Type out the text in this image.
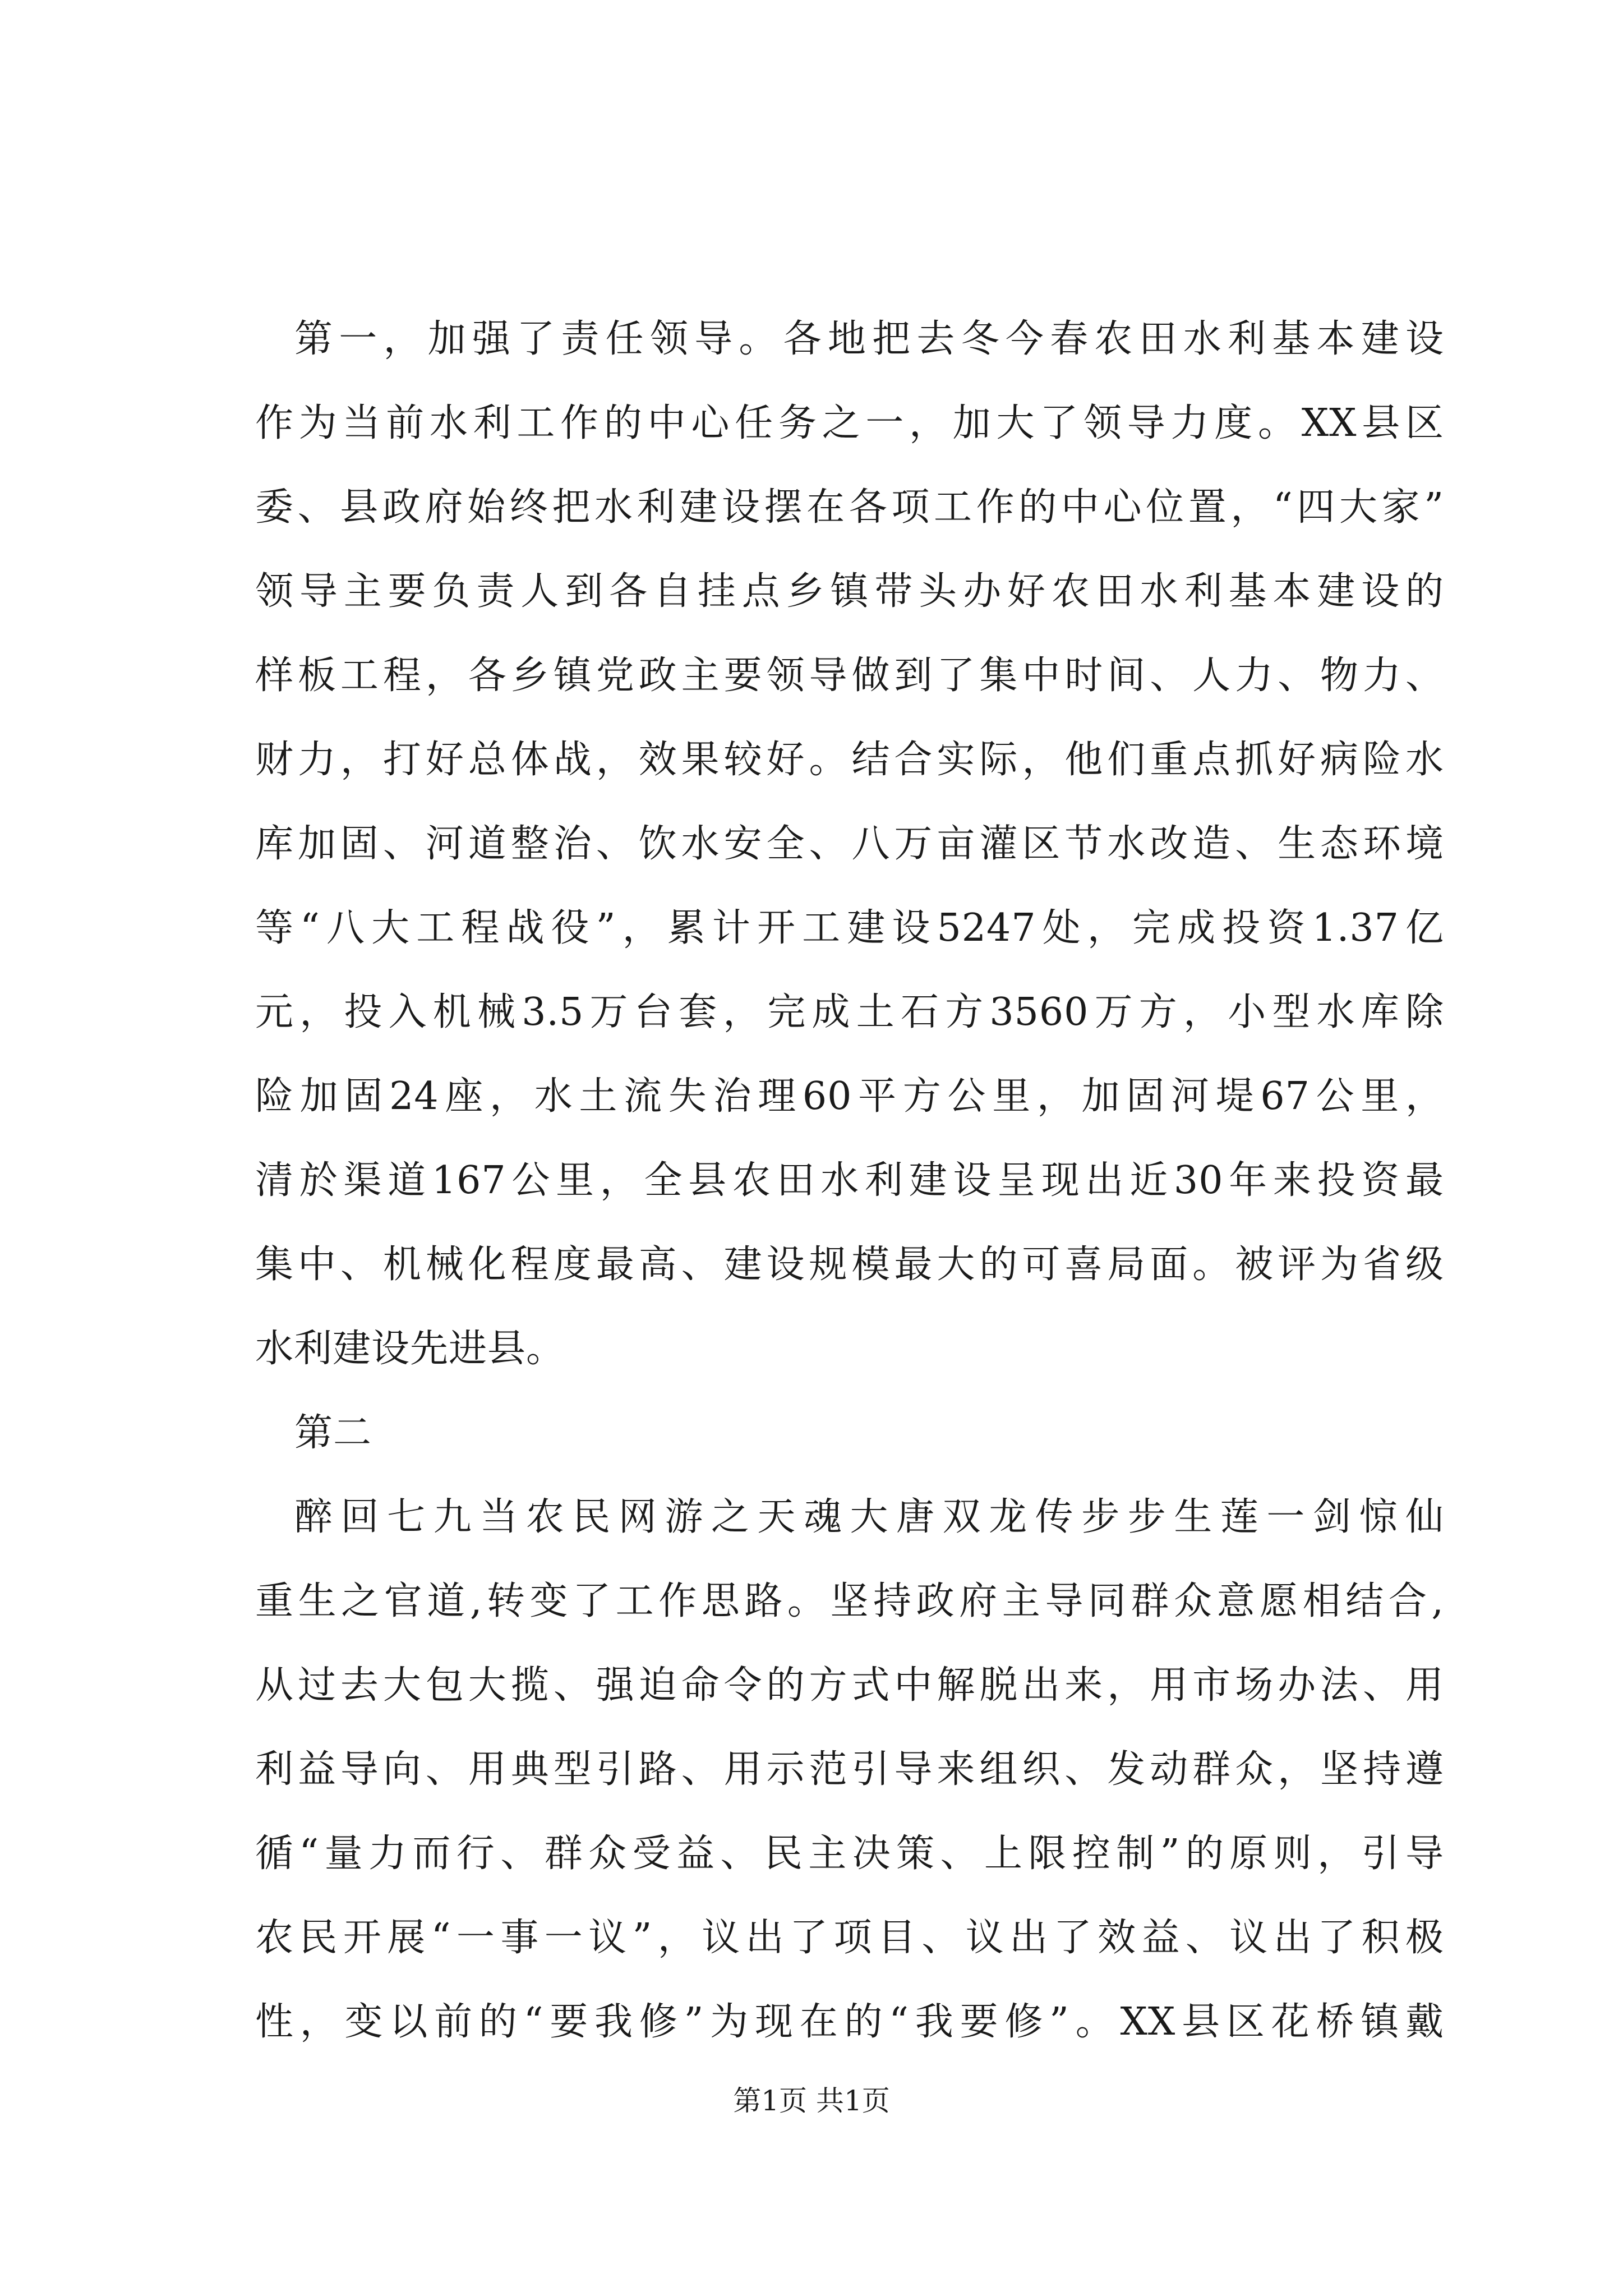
第一，加强了责任领导。各地把去冬今春农田水利基本建设
作为当前水利工作的中心任务之一，加大了领导力度。XX县区
委、县政府始终把水利建设摆在各项工作的中心位置，“四大家”
领导主要负责人到各自挂点乡镇带头办好农田水利基本建设的
样板工程，各乡镇党政主要领导做到了集中时间、人力、物力、
财力，打好总体战，效果较好。结合实际，他们重点抓好病险水
库加固、河道整治、饮水安全、八万亩灌区节水改造、生态环境
等“八大工程战役”，累计开工建设5247处，完成投资1.37亿
元，投入机械3.5万台套，完成土石方3560万方，小型水库除
险加固24座，水土流失治理60平方公里，加固河堤67公里，
清於渠道167公里，全县农田水利建设呈现出近30年来投资最
集中、机械化程度最高、建设规模最大的可喜局面。被评为省级
水利建设先进县。
第二
醉回七九当农民网游之天魂大唐双龙传步步生莲一剑惊仙
重生之官道,转变了工作思路。坚持政府主导同群众意愿相结合,
从过去大包大揽、强迫命令的方式中解脱出来，用市场办法、用
利益导向、用典型引路、用示范引导来组织、发动群众，坚持遵
循“量力而行、群众受益、民主决策、上限控制”的原则，引导
农民开展“一事一议”，议出了项目、议出了效益、议出了积极
性，变以前的“要我修”为现在的“我要修”。XX县区花桥镇戴
第1页 共1页
